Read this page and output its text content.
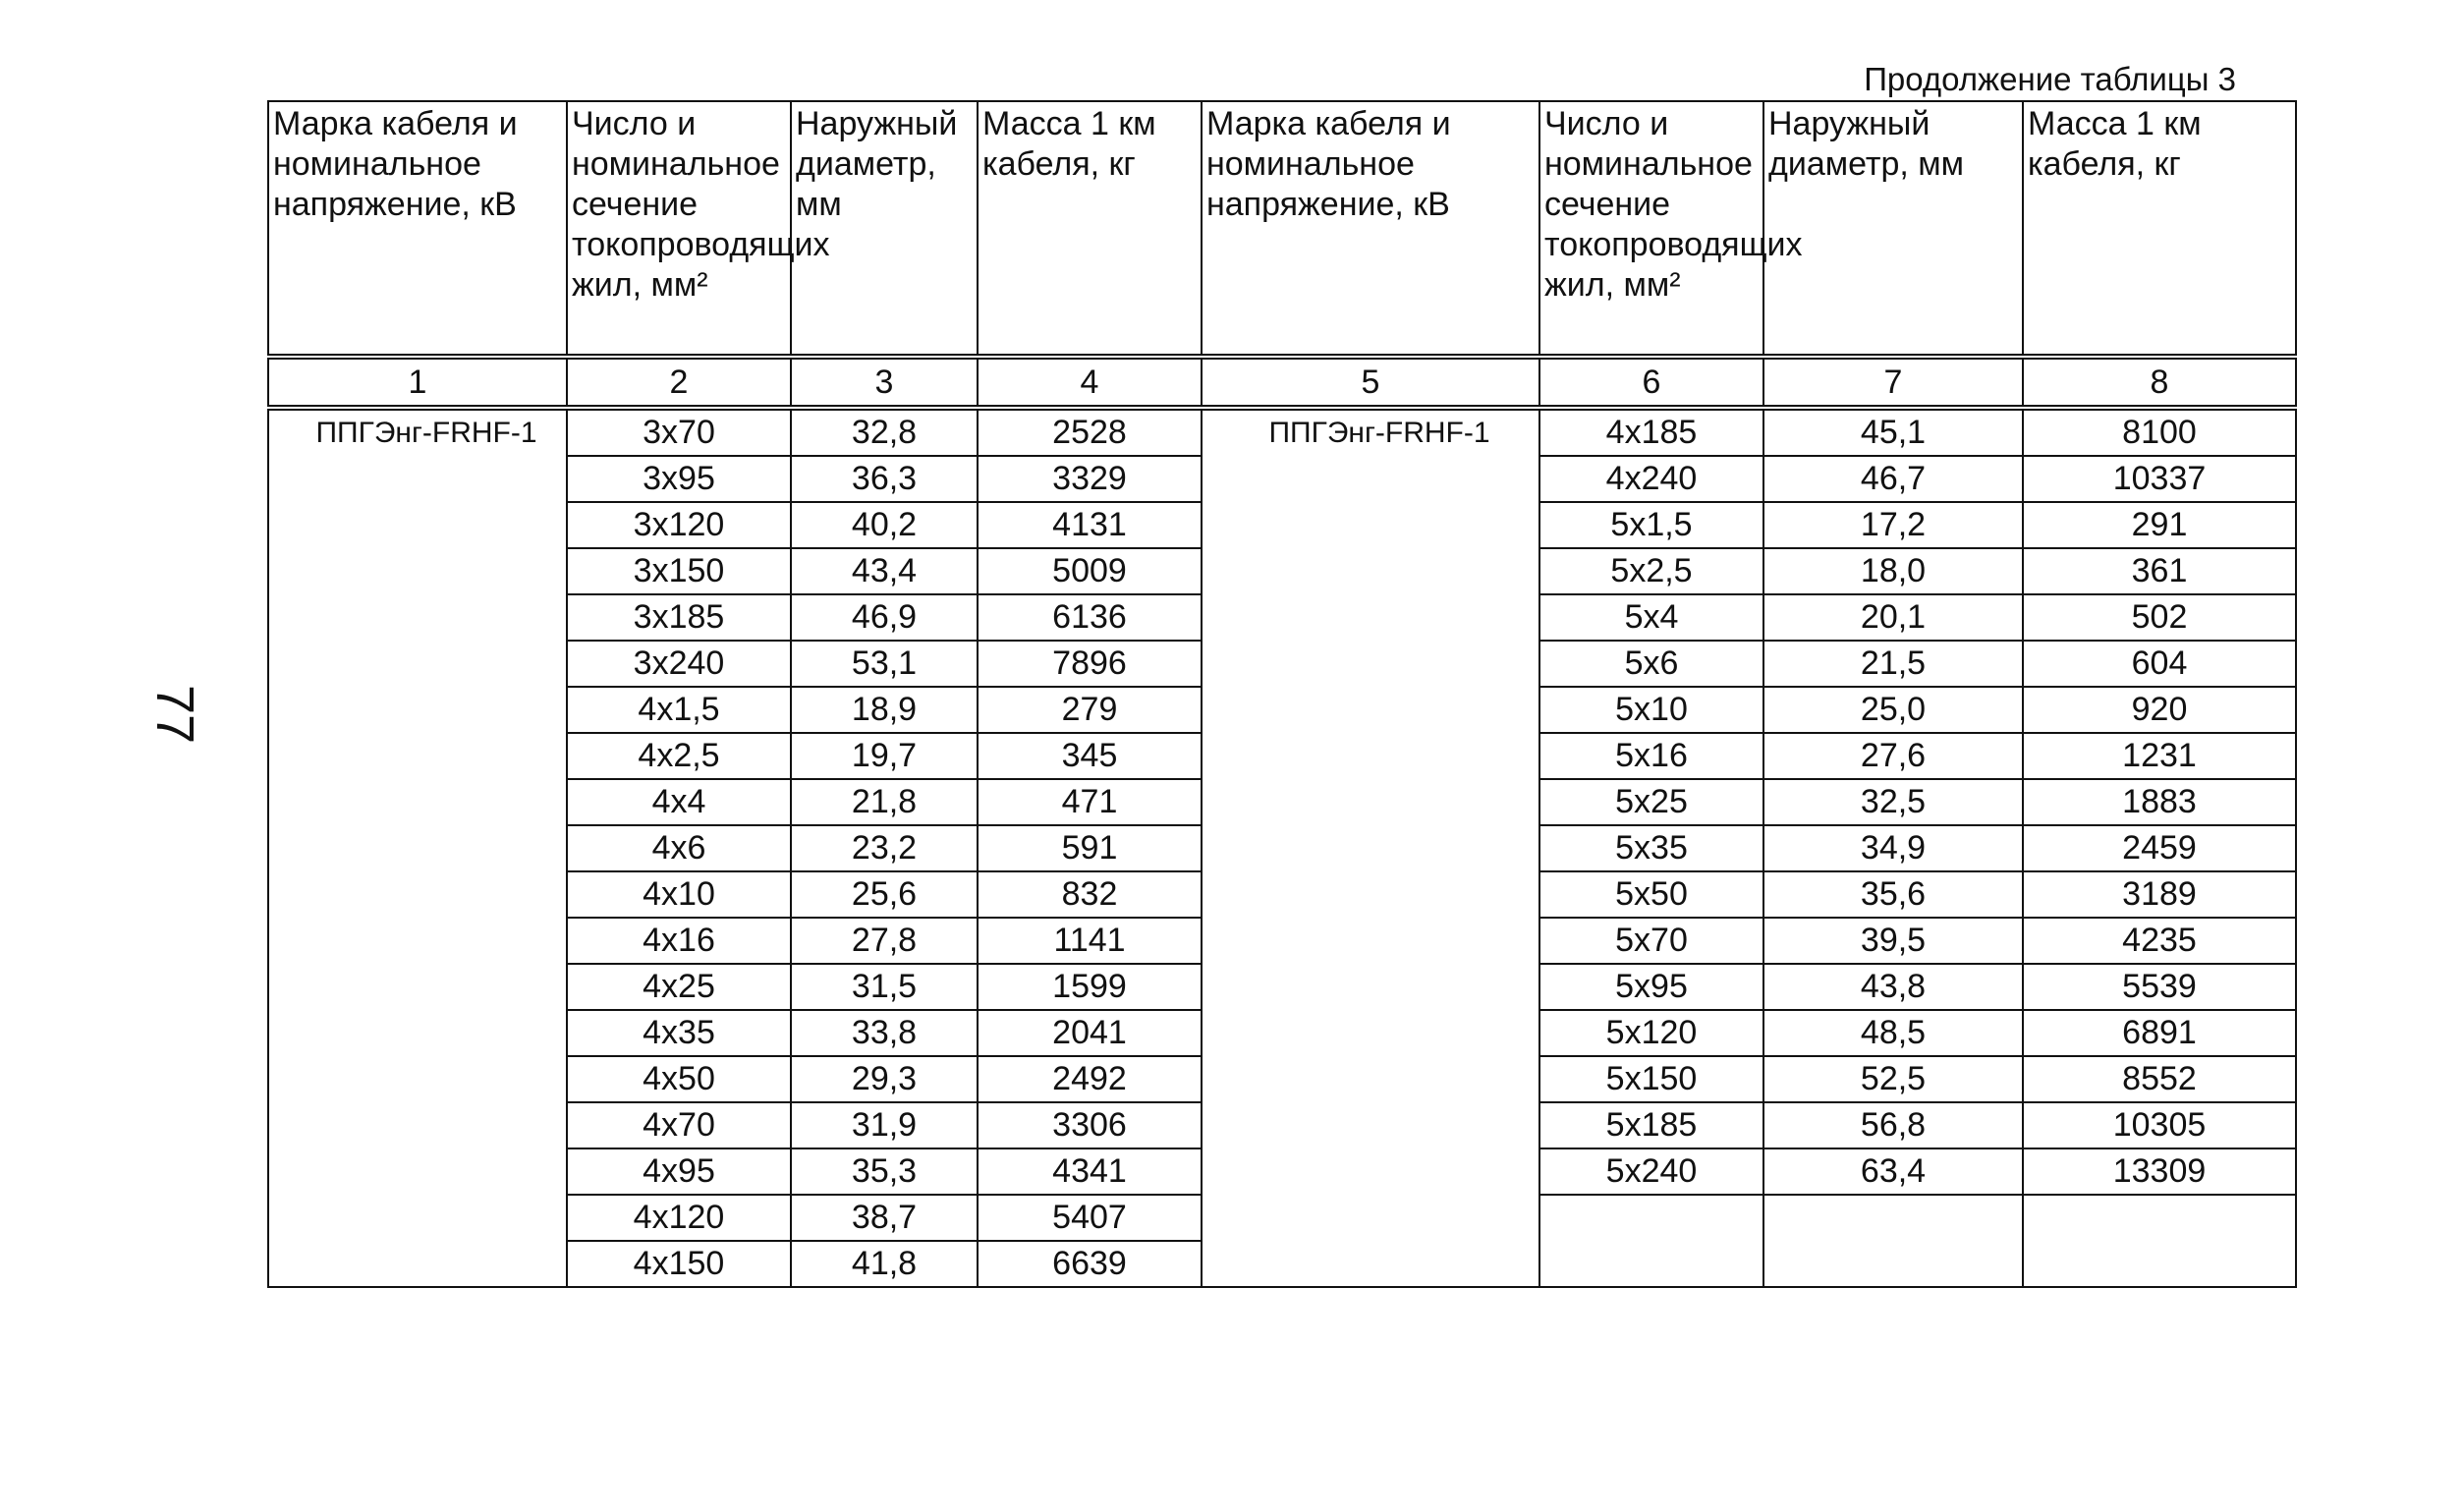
77
Продолжение таблицы 3
Марка кабеля и номинальное напряжение, кВ	Число и номинальное сечение токопроводящих жил, мм²	Наружный диаметр, мм	Масса 1 км кабеля, кг	Марка кабеля и номинальное напряжение, кВ	Число и номинальное сечение токопроводящих жил, мм²	Наружный диаметр, мм	Масса 1 км кабеля, кг
1	2	3	4	5	6	7	8
ППГЭнг-FRHF-1	3х70	32,8	2528	ППГЭнг-FRHF-1	4х185	45,1	8100
	3х95	36,3	3329		4х240	46,7	10337
	3х120	40,2	4131		5х1,5	17,2	291
	3х150	43,4	5009		5х2,5	18,0	361
	3х185	46,9	6136		5х4	20,1	502
	3х240	53,1	7896		5х6	21,5	604
	4х1,5	18,9	279		5х10	25,0	920
	4х2,5	19,7	345		5х16	27,6	1231
	4х4	21,8	471		5х25	32,5	1883
	4х6	23,2	591		5х35	34,9	2459
	4х10	25,6	832		5х50	35,6	3189
	4х16	27,8	1141		5х70	39,5	4235
	4х25	31,5	1599		5х95	43,8	5539
	4х35	33,8	2041		5х120	48,5	6891
	4х50	29,3	2492		5х150	52,5	8552
	4х70	31,9	3306		5х185	56,8	10305
	4х95	35,3	4341		5х240	63,4	13309
	4х120	38,7	5407				
	4х150	41,8	6639				
